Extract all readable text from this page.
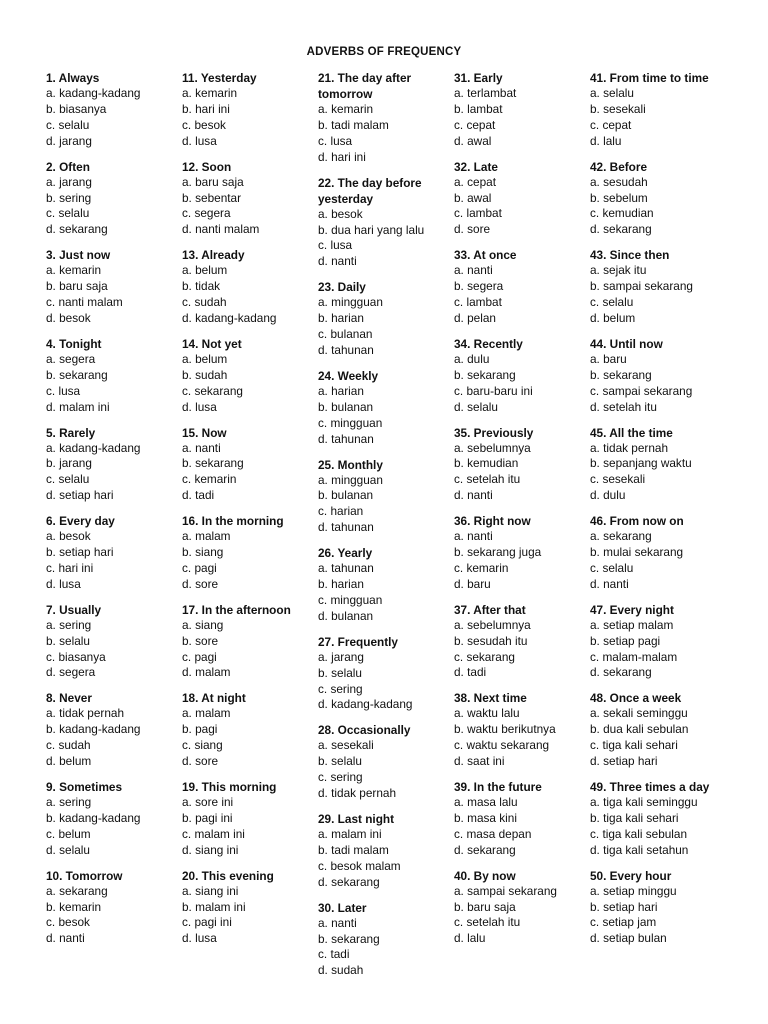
ADVERBS OF FREQUENCY
1. Always
a. kadang-kadang
b. biasanya
c. selalu
d. jarang
2. Often
a. jarang
b. sering
c. selalu
d. sekarang
3. Just now
a. kemarin
b. baru saja
c. nanti malam
d. besok
4. Tonight
a. segera
b. sekarang
c. lusa
d. malam ini
5. Rarely
a. kadang-kadang
b. jarang
c. selalu
d. setiap hari
6. Every day
a. besok
b. setiap hari
c. hari ini
d. lusa
7. Usually
a. sering
b. selalu
c. biasanya
d. segera
8. Never
a. tidak pernah
b. kadang-kadang
c. sudah
d. belum
9. Sometimes
a. sering
b. kadang-kadang
c. belum
d. selalu
10. Tomorrow
a. sekarang
b. kemarin
c. besok
d. nanti
11. Yesterday
a. kemarin
b. hari ini
c. besok
d. lusa
12. Soon
a. baru saja
b. sebentar
c. segera
d. nanti malam
13. Already
a. belum
b. tidak
c. sudah
d. kadang-kadang
14. Not yet
a. belum
b. sudah
c. sekarang
d. lusa
15. Now
a. nanti
b. sekarang
c. kemarin
d. tadi
16. In the morning
a. malam
b. siang
c. pagi
d. sore
17. In the afternoon
a. siang
b. sore
c. pagi
d. malam
18. At night
a. malam
b. pagi
c. siang
d. sore
19. This morning
a. sore ini
b. pagi ini
c. malam ini
d. siang ini
20. This evening
a. siang ini
b. malam ini
c. pagi ini
d. lusa
21. The day after tomorrow
a. kemarin
b. tadi malam
c. lusa
d. hari ini
22. The day before yesterday
a. besok
b. dua hari yang lalu
c. lusa
d. nanti
23. Daily
a. mingguan
b. harian
c. bulanan
d. tahunan
24. Weekly
a. harian
b. bulanan
c. mingguan
d. tahunan
25. Monthly
a. mingguan
b. bulanan
c. harian
d. tahunan
26. Yearly
a. tahunan
b. harian
c. mingguan
d. bulanan
27. Frequently
a. jarang
b. selalu
c. sering
d. kadang-kadang
28. Occasionally
a. sesekali
b. selalu
c. sering
d. tidak pernah
29. Last night
a. malam ini
b. tadi malam
c. besok malam
d. sekarang
30. Later
a. nanti
b. sekarang
c. tadi
d. sudah
31. Early
a. terlambat
b. lambat
c. cepat
d. awal
32. Late
a. cepat
b. awal
c. lambat
d. sore
33. At once
a. nanti
b. segera
c. lambat
d. pelan
34. Recently
a. dulu
b. sekarang
c. baru-baru ini
d. selalu
35. Previously
a. sebelumnya
b. kemudian
c. setelah itu
d. nanti
36. Right now
a. nanti
b. sekarang juga
c. kemarin
d. baru
37. After that
a. sebelumnya
b. sesudah itu
c. sekarang
d. tadi
38. Next time
a. waktu lalu
b. waktu berikutnya
c. waktu sekarang
d. saat ini
39. In the future
a. masa lalu
b. masa kini
c. masa depan
d. sekarang
40. By now
a. sampai sekarang
b. baru saja
c. setelah itu
d. lalu
41. From time to time
a. selalu
b. sesekali
c. cepat
d. lalu
42. Before
a. sesudah
b. sebelum
c. kemudian
d. sekarang
43. Since then
a. sejak itu
b. sampai sekarang
c. selalu
d. belum
44. Until now
a. baru
b. sekarang
c. sampai sekarang
d. setelah itu
45. All the time
a. tidak pernah
b. sepanjang waktu
c. sesekali
d. dulu
46. From now on
a. sekarang
b. mulai sekarang
c. selalu
d. nanti
47. Every night
a. setiap malam
b. setiap pagi
c. malam-malam
d. sekarang
48. Once a week
a. sekali seminggu
b. dua kali sebulan
c. tiga kali sehari
d. setiap hari
49. Three times a day
a. tiga kali seminggu
b. tiga kali sehari
c. tiga kali sebulan
d. tiga kali setahun
50. Every hour
a. setiap minggu
b. setiap hari
c. setiap jam
d. setiap bulan
